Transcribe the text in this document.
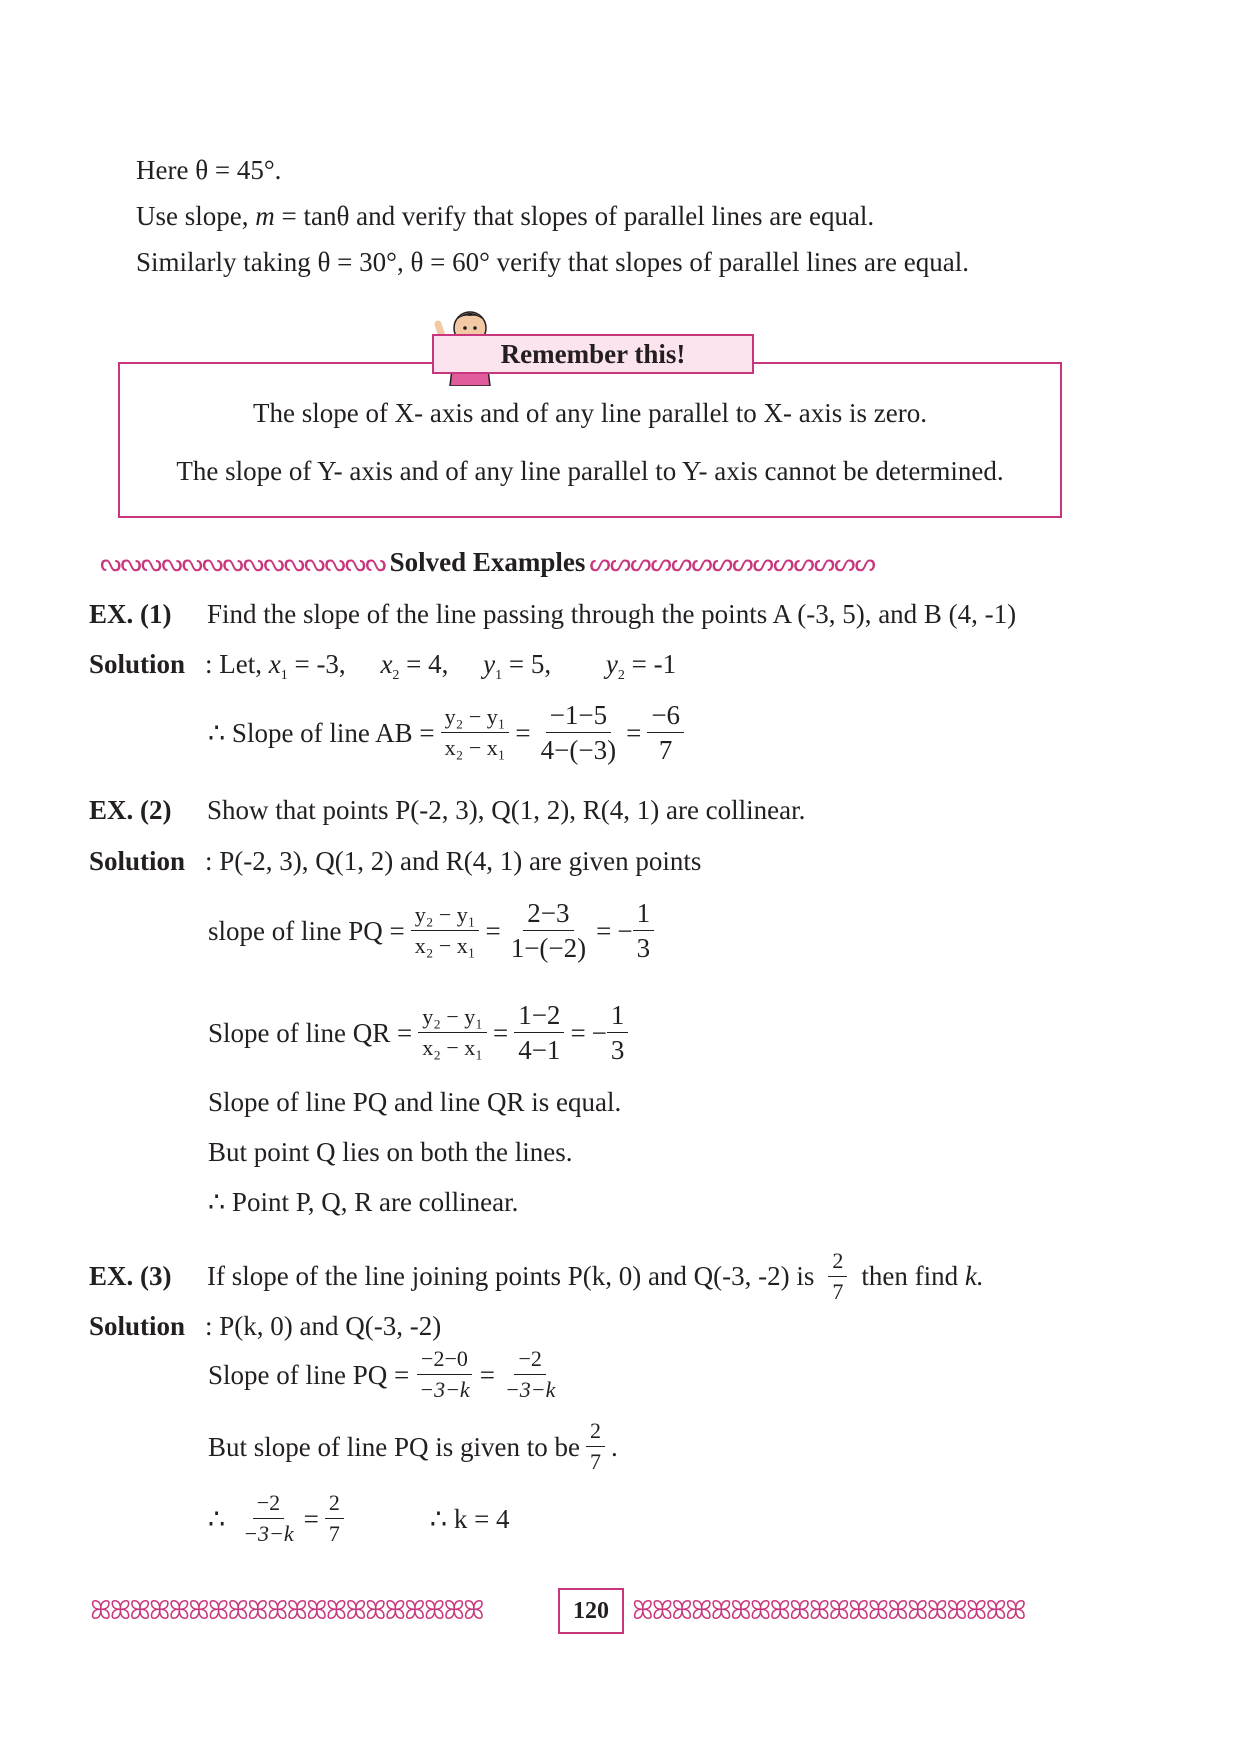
Here θ = 45°.
Use slope, m = tanθ and verify that slopes of parallel lines are equal.
Similarly taking θ = 30°, θ = 60° verify that slopes of parallel lines are equal.
Remember this!
The slope of X- axis and of any line parallel to X- axis is zero.
The slope of Y- axis and of any line parallel to Y- axis cannot be determined.
ᔓᔓᔓᔓᔓᔓᔓᔓᔓᔓᔓᔓᔓᔓ Solved Examples ᔕᔕᔕᔕᔕᔕᔕᔕᔕᔕᔕᔕᔕᔕ
EX. (1) Find the slope of the line passing through the points A (-3, 5), and B (4, -1)
Solution : Let, $x_1 = -3$, $x_2 = 4$, $y_1 = 5$, $y_2 = -1$
∴ Slope of line AB = $\frac{\text{y₂ − y₁}}{\text{x₂ − x₁}} = \frac{-1-5}{4-(-3)} = \frac{-6}{7}$
EX. (2) Show that points P(-2, 3), Q(1, 2), R(4, 1) are collinear.
Solution : P(-2, 3), Q(1, 2) and R(4, 1) are given points
slope of line PQ = $\frac{\text{y₂ − y₁}}{\text{x₂ − x₁}} = \frac{2-3}{1-(-2)}$ = − $\frac{1}{3}$
Slope of line QR = $\frac{\text{y₂ − y₁}}{\text{x₂ − x₁}} = \frac{1-2}{4-1}$ = − $\frac{1}{3}$
Slope of line PQ and line QR is equal.
But point Q lies on both the lines.
∴ Point P, Q, R are collinear.
EX. (3) If slope of the line joining points P(k, 0) and Q(-3, -2) is $\frac{2}{7}$ then find
k.
Solution : P(k, 0) and Q(-3, -2)
Slope of line PQ = $\frac{-2-0}{-3-k} = \frac{-2}{-3-k}$
But slope of line PQ is given to be $\frac{2}{7}$ .
∴ $\frac{-2}{-3-k} = \frac{2}{7}$	∴ k = 4
ꕤꕤꕤꕤꕤꕤꕤꕤꕤꕤꕤꕤꕤꕤꕤꕤꕤꕤꕤꕤ	120 ꕤꕤꕤꕤꕤꕤꕤꕤꕤꕤꕤꕤꕤꕤꕤꕤꕤꕤꕤꕤ
